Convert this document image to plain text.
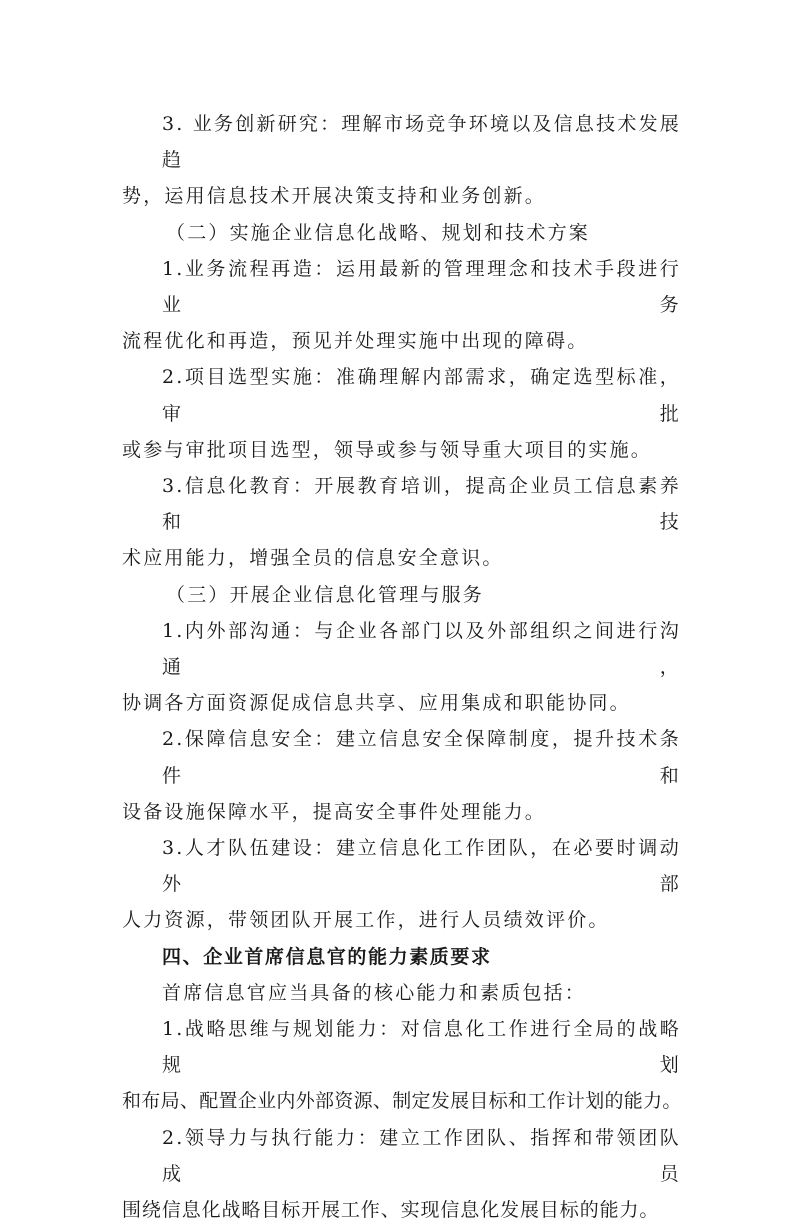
3. 业务创新研究：理解市场竞争环境以及信息技术发展趋
势，运用信息技术开展决策支持和业务创新。
（二）实施企业信息化战略、规划和技术方案
1.业务流程再造：运用最新的管理理念和技术手段进行业务
流程优化和再造，预见并处理实施中出现的障碍。
2.项目选型实施：准确理解内部需求，确定选型标准，审批
或参与审批项目选型，领导或参与领导重大项目的实施。
3.信息化教育：开展教育培训，提高企业员工信息素养和技
术应用能力，增强全员的信息安全意识。
（三）开展企业信息化管理与服务
1.内外部沟通：与企业各部门以及外部组织之间进行沟通，
协调各方面资源促成信息共享、应用集成和职能协同。
2.保障信息安全：建立信息安全保障制度，提升技术条件和
设备设施保障水平，提高安全事件处理能力。
3.人才队伍建设：建立信息化工作团队，在必要时调动外部
人力资源，带领团队开展工作，进行人员绩效评价。
四、企业首席信息官的能力素质要求
首席信息官应当具备的核心能力和素质包括：
1.战略思维与规划能力：对信息化工作进行全局的战略规划
和布局、配置企业内外部资源、制定发展目标和工作计划的能力。
2.领导力与执行能力：建立工作团队、指挥和带领团队成员
围绕信息化战略目标开展工作、实现信息化发展目标的能力。
